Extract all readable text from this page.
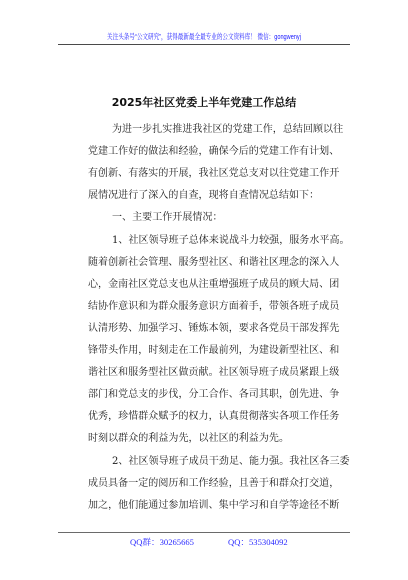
关注头条号“公文研究”，获得最新最全最专业的公文资料库！ 微信：gongwenyj
2025年社区党委上半年党建工作总结
为进一步扎实推进我社区的党建工作，总结回顾以往
党建工作好的做法和经验，确保今后的党建工作有计划、
有创新、有落实的开展，我社区党总支对以往党建工作开
展情况进行了深入的自查，现将自查情况总结如下：
一、主要工作开展情况：
1、社区领导班子总体来说战斗力较强，服务水平高。
随着创新社会管理、服务型社区、和谐社区理念的深入人
心，金南社区党总支也从注重增强班子成员的顾大局、团
结协作意识和为群众服务意识方面着手，带领各班子成员
认清形势、加强学习、锤炼本领，要求各党员干部发挥先
锋带头作用，时刻走在工作最前列，为建设新型社区、和
谐社区和服务型社区做贡献。社区领导班子成员紧跟上级
部门和党总支的步伐，分工合作、各司其职，创先进、争
优秀，珍惜群众赋予的权力，认真贯彻落实各项工作任务
时刻以群众的利益为先，以社区的利益为先。
2、社区领导班子成员干劲足、能力强。我社区各三委
成员具备一定的阅历和工作经验，且善于和群众打交道，
加之，他们能通过参加培训、集中学习和自学等途径不断
QQ群：30265665	QQ：535304092
